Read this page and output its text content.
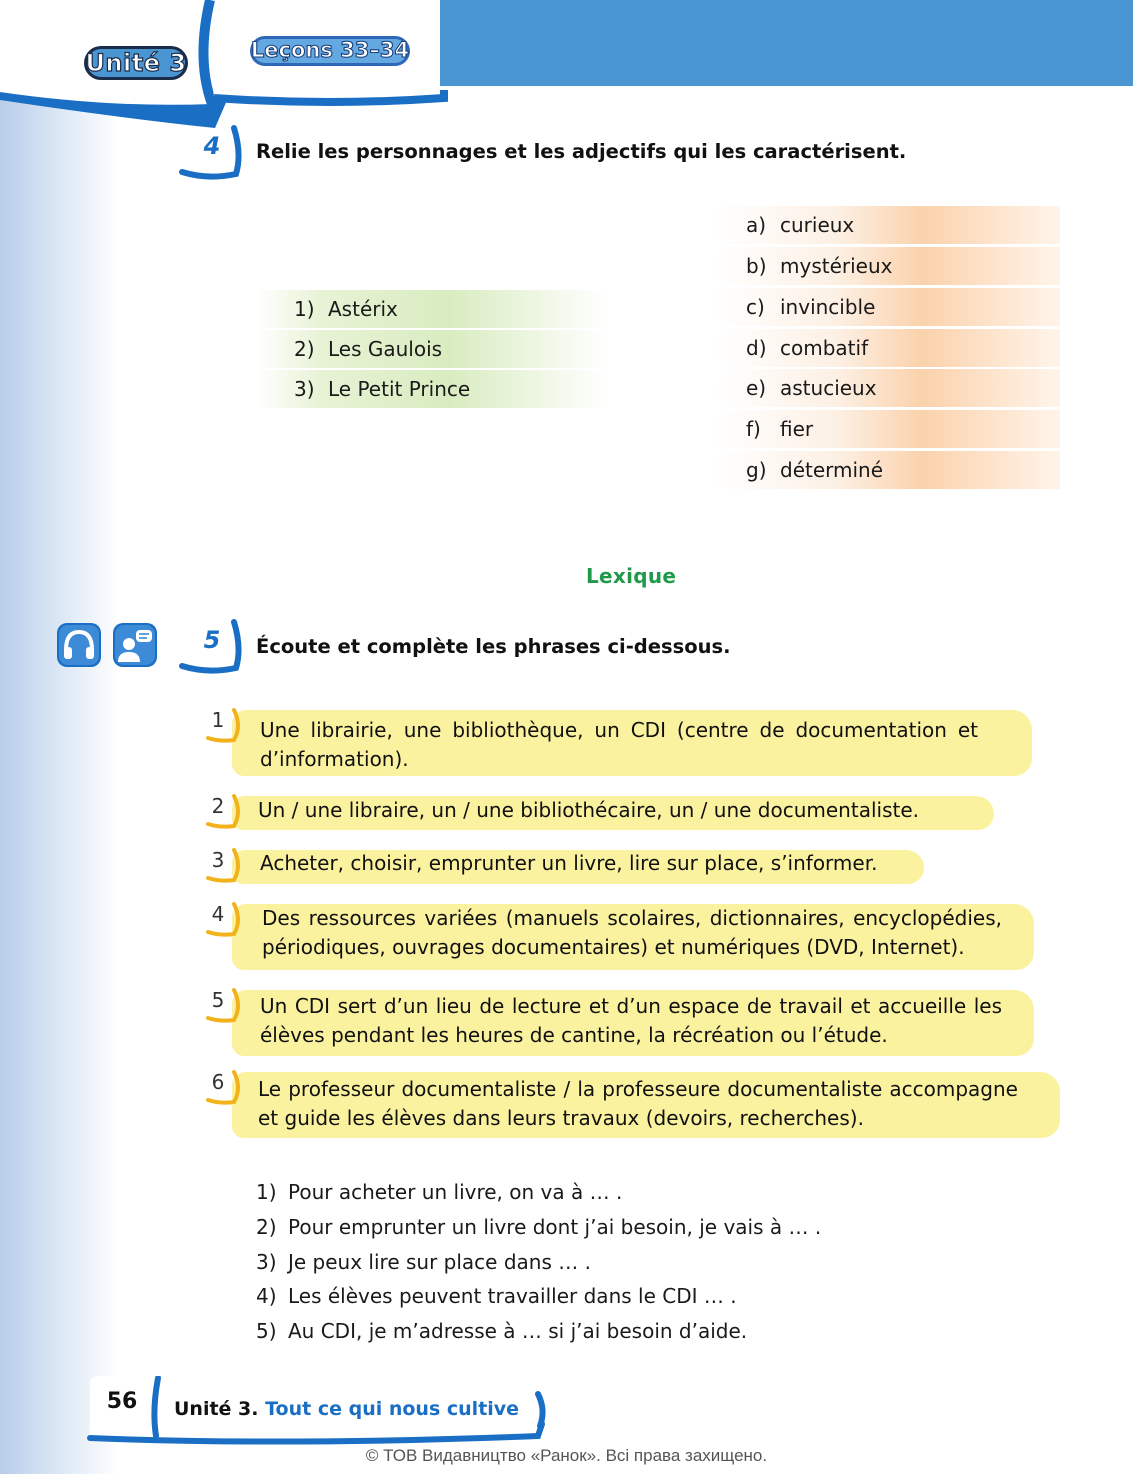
Unité 3	Leçons 33–34
4	Relie les personnages et les adjectifs qui les caractérisent.
1) Astérix
2) Les Gaulois
3) Le Petit Prince
a) curieux
b) mystérieux
c) invincible
d) combatif
e) astucieux
f) fier
g) déterminé
Lexique
5	Écoute et complète les phrases ci-dessous.
1 Une librairie, une bibliothèque, un CDI (centre de documentation et d’information).
2 Un / une libraire, un / une bibliothécaire, un / une documentaliste.
3 Acheter, choisir, emprunter un livre, lire sur place, s’informer.
4 Des ressources variées (manuels scolaires, dictionnaires, encyclopédies, périodiques, ouvrages documentaires) et numériques (DVD, Internet).
5 Un CDI sert d’un lieu de lecture et d’un espace de travail et accueille les élèves pendant les heures de cantine, la récréation ou l’étude.
6 Le professeur documentaliste / la professeure documentaliste accompagne et guide les élèves dans leurs travaux (devoirs, recherches).
1) Pour acheter un livre, on va à … .
2) Pour emprunter un livre dont j’ai besoin, je vais à … .
3) Je peux lire sur place dans … .
4) Les élèves peuvent travailler dans le CDI … .
5) Au CDI, je m’adresse à … si j’ai besoin d’aide.
56	Unité 3. Tout ce qui nous cultive
© ТОВ Видавництво «Ранок». Всі права захищено.
